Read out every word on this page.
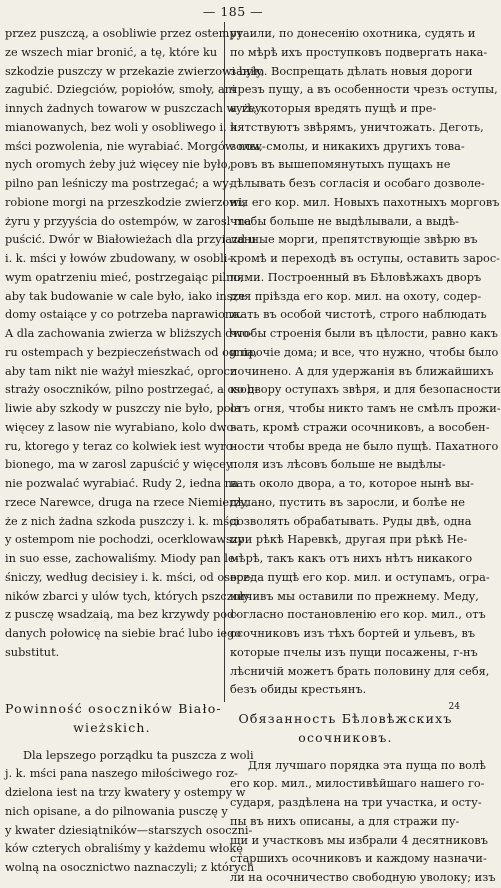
— 185 —
przez puszczą, a osobliwie przez ostempy
ze wszech miar bronić, a tę, które ku
szkodzie puszczy w przekazie zwierzowi były,
zagubić. Dziegciów, popiołów, smoły, ani
innych żadnych towarow w puszczach wyżey
mianowanych, bez woli y osobliwego i. k.
mści pozwolenia, nie wyrabiać. Morgów now-
nych oromych żeby już więcey nie było,
pilno pan leśniczy ma postrzegać; a wy-
robione morgi na przeszkodzie zwierzowi,
żyru y przyyścia do ostempów, w zarosl ma
puścić. Dwór w Białowieżach dla przyiazd u
i. k. mści y łowów zbudowany, w osobli-
wym opatrzeniu mieć, postrzegaiąc pilno,
aby tak budowanie w cale było, iako insze
domy ostaiące y co potrzeba naprawiono.
A dla zachowania zwierza w bliższych dwo-
ru ostempach y bezpieczeństwach od ognia,
aby tam nikt nie ważył mieszkać, oprocz
straży osoczników, pilno postrzegać, a osob-
liwie aby szkody w puszczy nie było, pola
więcey z lasow nie wyrabiano, kolo dwo-
ru, ktorego y teraz co kolwiek iest wyro-
bionego, ma w zarosl zapuścić y więcey
nie pozwalać wyrabiać. Rudy 2, iedna na
rzece Narewce, druga na rzece Niemierzy,
że z nich żadna szkoda puszczy i. k. mści
y ostempom nie pochodzi, ocerklowawszy
in suo esse, zachowaliśmy. Miody pan le-
śniczy, według decisiey i. k. mści, od osocz-
ników zbarci y ulów tych, których pszczoły
z pusczę wsadzaią, ma bez krzywdy pod-
danych połowicę na siebie brać lubo iego
substitut.
Powinność osoczników Biało-
wieżskich.
Dla lepszego porządku ta puszcza z woli
j. k. mści pana naszego miłościwego roz-
dzielona iest na trzy kwatery y ostempy w
nich opisane, a do pilnowania pusczę y
y kwater dziesiątników—starszych osoczni-
ków czterych obraliśmy y każdemu włokę
wolną na osocznictwo naznaczyli; z których
утаили, по донесенію охотника, судять и
по мѣрѣ ихъ проступковъ подвергать нака-
занію. Воспрещать дѣлать новыя дороги
чрезъ пущу, а въ особенности чрезъ оступы,
а тѣ, которыя вредять пущѣ и пре-
пятствуютъ звѣрямъ, уничтожать. Деготь,
золы, смолы, и никакихъ другихъ това-
ровъ въ вышепомянутыхъ пущахъ не
дѣлывать безъ согласія и особаго дозволе-
нія его кор. мил. Новыхъ пахотныхъ морговъ
чтобы больше не выдѣлывали, а выдѣ-
ланные морги, препятствующіе звѣрю въ
кромѣ и переходѣ въ оступы, оставить зарос-
лями. Построенный въ Бѣловѣжахъ дворъ
для пріѣзда его кор. мил. на охоту, содер-
жать въ особой чистотѣ, строго наблюдать
чтобы строенія были въ цѣлости, равно какъ
и прочіе дома; и все, что нужно, чтобы было
починено. А для удержанія въ ближайшихъ
ко двору оступахъ звѣря, и для безопасности
отъ огня, чтобы никто тамъ не смѣлъ прожи-
вать, кромѣ стражи осочниковъ, а воcобен-
ности чтобы вреда не было пущѣ. Пахатного
поля изъ лѣсовъ больше не выдѣлы-
вать около двора, а то, которое нынѣ вы-
дѣлано, пустить въ заросли, и болѣе не
дозволять обрабатывать. Руды двѣ, одна
при рѣкѣ Наревкѣ, другая при рѣкѣ Не-
мѣрѣ, такъ какъ отъ нихъ нѣтъ никакого
вреда пущѣ его кор. мил. и оступамъ, огра-
ничивъ мы оставили по прежнему. Меду,
согласно постановленію его кор. мил., отъ
осочниковъ изъ тѣхъ бортей и ульевъ, въ
которые пчелы изъ пущи посажены, г-нъ
лѣсничій можетъ брать половину для себя,
безъ обиды крестьянъ.
Обязанность Бѣловѣжскихъ
осочниковъ.
Для лучшаго порядка эта пуща по волѣ
его кор. мил., милостивѣйшаго нашего го-
сударя, раздѣлена на три участка, и осту-
пы въ нихъ описаны, а для стражи пу-
щи и участковъ мы избрали 4 десятниковъ
старшихъ осочниковъ и каждому назначи-
ли на осочничество свободную уволоку; изъ
24
